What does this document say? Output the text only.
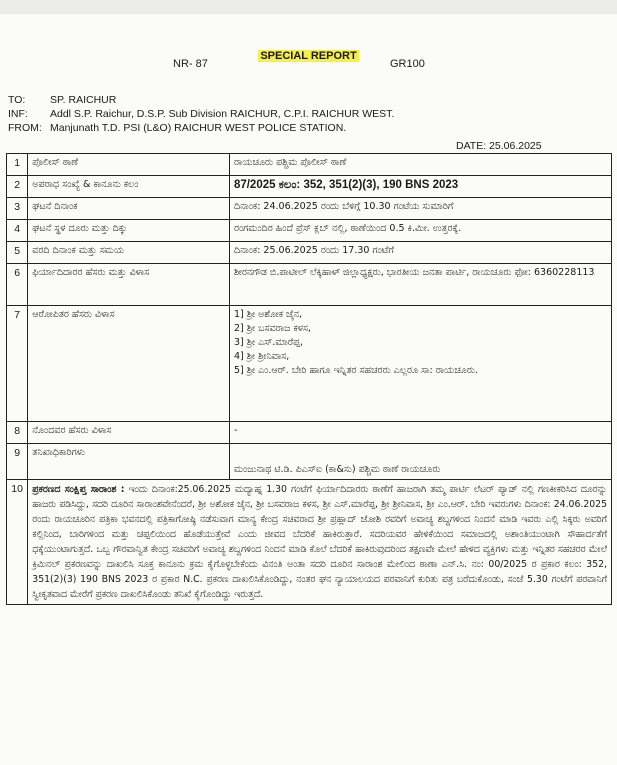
SPECIAL REPORT
NR- 87	GR100
TO: SP. RAICHUR
INF: Addl S.P. Raichur, D.S.P. Sub Division RAICHUR, C.P.I. RAICHUR WEST.
FROM: Manjunath T.D. PSI (L&O) RAICHUR WEST POLICE STATION.
DATE: 25.06.2025
1	ಪೊಲೀಸ್ ಠಾಣೆ	ರಾಯಚೂರು ಪಶ್ಚಿಮ ಪೊಲೀಸ್ ಠಾಣೆ
2	ಅಪರಾಧ ಸಂಖ್ಯೆ & ಕಾನೂನು ಕಲಂ	87/2025 ಕಲಂ: 352, 351(2)(3), 190 BNS 2023
3	ಘಟನೆ ದಿನಾಂಕ	ದಿನಾಂಕ: 24.06.2025 ರಂದು ಬೆಳಿಗ್ಗೆ 10.30 ಗಂಟೆಯ ಸುಮಾರಿಗೆ
4	ಘಟನೆ ಸ್ಥಳ ದೂರು ಮತ್ತು ದಿಕ್ಕು	ರಂಗಮಂದಿರ ಹಿಂದೆ ಪ್ರೆಸ್ ಕ್ಲಬ್ ನಲ್ಲಿ, ಠಾಣೆಯಿಂದ 0.5 ಕಿ.ಮೀ. ಉತ್ತರಕ್ಕೆ.
5	ವರದಿ ದಿನಾಂಕ ಮತ್ತು ಸಮಯ	ದಿನಾಂಕ: 25.06.2025 ರಂದು 17.30 ಗಂಟೆಗೆ
6	ಫಿರ್ಯಾದಿದಾರರ ಹೆಸರು ಮತ್ತು ವಿಳಾಸ	ಶೀರನಗೌಡ ಬಿ.ಪಾಟೀಲ್ ಲೆಕ್ಕಿಹಾಳ್ ಜಿಲ್ಲಾಧ್ಯಕ್ಷರು, ಭಾರತೀಯ ಜನತಾ ಪಾರ್ಟಿ, ರಾಯಚೂರು ಫೋ: 6360228113
7	ಆರೋಪಿತರ ಹೆಸರು ವಿಳಾಸ	1] ಶ್ರೀ ಅಶೋಕ ಜೈನ,
2] ಶ್ರೀ ಬಸವರಾಜ ಕಳಸ,
3] ಶ್ರೀ ಎಸ್.ಮಾರೆಪ್ಪ,
4] ಶ್ರೀ ಶ್ರೀನಿವಾಸ,
5] ಶ್ರೀ ಎಂ.ಆರ್. ಬೇರಿ ಹಾಗೂ ಇನ್ನಿತರ ಸಹಚರರು ಎಲ್ಲರೂ ಸಾ: ರಾಯಚೂರು.

8	ನೊಂದವರ ಹೆಸರು ವಿಳಾಸ	-
9	ತನಿಖಾಧಿಕಾರಿಗಳು	ಮಂಜುನಾಥ ಟಿ.ಡಿ. ಪಿಎಸ್ಐ (ಕಾ&ಸು) ಪಶ್ಚಿಮ ಠಾಣೆ ರಾಯಚೂರು
10	ಪ್ರಕರಣದ ಸಂಕ್ಷಿಪ್ತ ಸಾರಾಂಶ : ಇಂದು ದಿನಾಂಕ:25.06.2025 ಮದ್ಯಾಹ್ನ 1.30 ಗಂಟೆಗೆ ಫಿರ್ಯಾದಿದಾರರು ಠಾಣೆಗೆ ಹಾಜರಾಗಿ ತಮ್ಮ ಪಾರ್ಟಿ ಲೆಟರ್ ಪ್ಯಾಡ್ ನಲ್ಲಿ ಗಣಕೀಕರಿಸಿದ ದೂರನ್ನು ಹಾಜರು ಪಡಿಸಿದ್ದು, ಸದರಿ ದೂರಿನ ಸಾರಾಂಶವೇನೆಂದರೆ, ಶ್ರೀ ಅಶೋಕ ಜೈನ, ಶ್ರೀ ಬಸವರಾಜ ಕಳಸ, ಶ್ರೀ ಎಸ್.ಮಾರೆಪ್ಪ, ಶ್ರೀ ಶ್ರೀನಿವಾಸ, ಶ್ರೀ ಎಂ.ಆರ್. ಬೇರಿ ಇವರುಗಳು ದಿನಾಂಕ: 24.06.2025 ರಂದು ರಾಯಚೂರಿನ ಪತ್ರಿಕಾ ಭವನದಲ್ಲಿ ಪತ್ರಿಕಾಗೋಷ್ಠಿ ನಡೆಸುವಾಗ ಮಾನ್ಯ ಕೇಂದ್ರ ಸಚಿವರಾದ ಶ್ರೀ ಪ್ರಹ್ಲಾದ್ ಜೋಶಿ ರವರಿಗೆ ಅವಾಚ್ಯ ಶಬ್ದಗಳಿಂದ ನಿಂದನೆ ಮಾಡಿ ಇವರು ಎಲ್ಲಿ ಸಿಕ್ಕರು ಅವರಿಗೆ ಕಲ್ಲಿನಿಂದ, ಬಾರಿಗಳಿಂದ ಮತ್ತು ಚಪ್ಪಲಿಯಿಂದ ಹೊಡೆಯುತ್ತೇವೆ ಎಂದು ಜೀವದ ಬೆದರಿಕೆ ಹಾಕಿರುತ್ತಾರೆ. ಸದರಿಯವರ ಹೇಳಿಕೆಯಿಂದ ಸಮಾಜದಲ್ಲಿ ಅಶಾಂತಿಯುಂಟಾಗಿ ಸೌಹಾರ್ದತೆಗೆ ಧಕ್ಕೆಯುಂಟಾಗುತ್ತದೆ. ಒಬ್ಬ ಗೌರವಾನ್ವಿತ ಕೇಂದ್ರ ಸಚಿವರಿಗೆ ಅವಾಚ್ಯ ಶಬ್ದಗಳಿಂದ ನಿಂದನೆ ಮಾಡಿ ಕೊಲೆ ಬೆದರಿಕೆ ಹಾಕಿರುವುದರಿಂದ ತಕ್ಷಣವೇ ಮೇಲೆ ಹೇಳಿದ ವ್ಯಕ್ತಿಗಳು ಮತ್ತು ಇನ್ನಿತರ ಸಹಚರರ ಮೇಲೆ ಕ್ರಿಮಿನಲ್ ಪ್ರಕರಣವನ್ನು ದಾಖಲಿಸಿ ಸೂಕ್ತ ಕಾನೂನು ಕ್ರಮ ಕೈಗೊಳ್ಳಬೇಕೆಂದು ವಿನಂತಿ ಅಂತಾ ಸದರಿ ದೂರಿನ ಸಾರಾಂಶ ಮೇಲಿಂದ ಠಾಣಾ ಎನ್.ಸಿ. ನಂ: 00/2025 ರ ಪ್ರಕಾರ ಕಲಂ: 352, 351(2)(3) 190 BNS 2023 ರ ಪ್ರಕಾರ N.C. ಪ್ರಕರಣ ದಾಖಲಿಸಿಕೊಂಡಿದ್ದು, ನಂತರ ಘನ ನ್ಯಾಯಾಲಯದ ಪರವಾನಿಗೆ ಕುರಿತು ಪತ್ರ ಬರೆದುಕೊಂಡು, ಸಂಜೆ 5.30 ಗಂಟೆಗೆ ಪರವಾನಿಗೆ ಸ್ವೀಕೃತವಾದ ಮೇರೆಗೆ ಪ್ರಕರಣ ದಾಖಲಿಸಿಕೊಂಡು ತನಿಖೆ ಕೈಗೊಂಡಿದ್ದು ಇರುತ್ತದೆ.	
